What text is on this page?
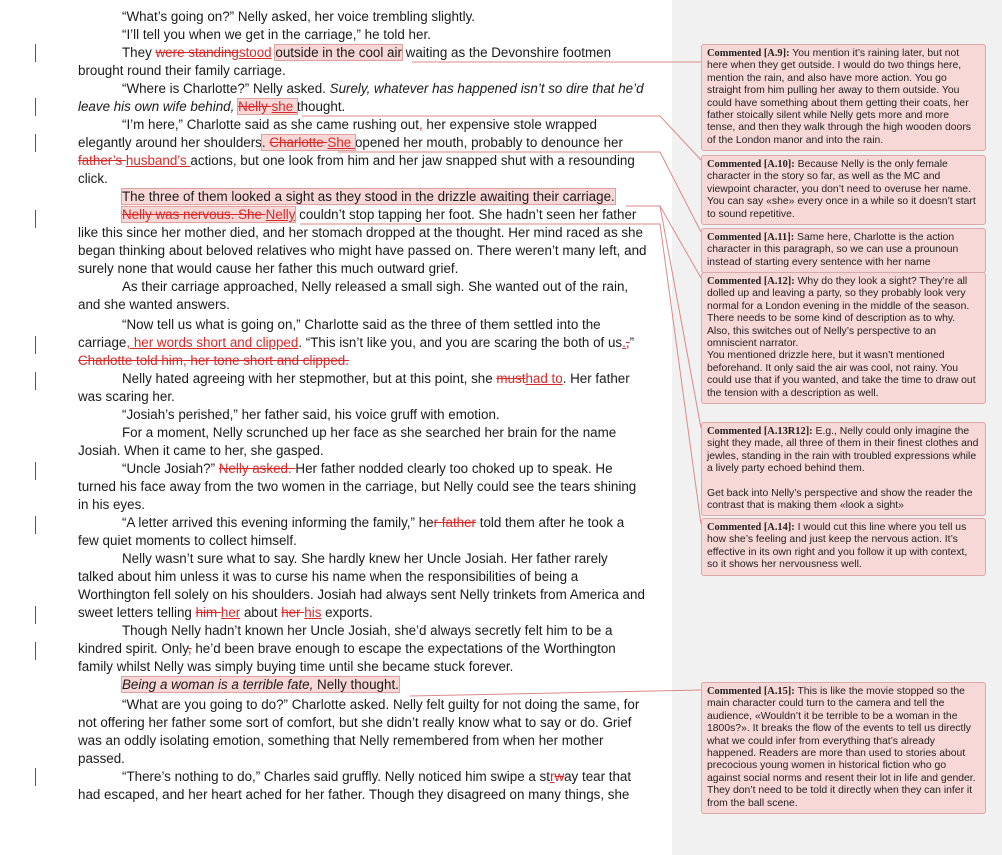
“What’s going on?” Nelly asked, her voice trembling slightly.
“I’ll tell you when we get in the carriage,” he told her.
They were standingstood outside in the cool air waiting as the Devonshire footmen
brought round their family carriage.
“Where is Charlotte?” Nelly asked. Surely, whatever has happened isn’t so dire that he’d
leave his own wife behind, Nelly she thought.
“I’m here,” Charlotte said as she came rushing out, her expensive stole wrapped
elegantly around her shoulders. Charlotte She opened her mouth, probably to denounce her
father’s husband’s actions, but one look from him and her jaw snapped shut with a resounding
click.
The three of them looked a sight as they stood in the drizzle awaiting their carriage.
Nelly was nervous. She Nelly couldn’t stop tapping her foot. She hadn’t seen her father
like this since her mother died, and her stomach dropped at the thought. Her mind raced as she
began thinking about beloved relatives who might have passed on. There weren’t many left, and
surely none that would cause her father this much outward grief.
As their carriage approached, Nelly released a small sigh. She wanted out of the rain,
and she wanted answers.
“Now tell us what is going on,” Charlotte said as the three of them settled into the
carriage, her words short and clipped. “This isn’t like you, and you are scaring the both of us.,”
Charlotte told him, her tone short and clipped.
Nelly hated agreeing with her stepmother, but at this point, she musthad to. Her father
was scaring her.
“Josiah’s perished,” her father said, his voice gruff with emotion.
For a moment, Nelly scrunched up her face as she searched her brain for the name
Josiah. When it came to her, she gasped.
“Uncle Josiah?” Nelly asked. Her father nodded clearly too choked up to speak. He
turned his face away from the two women in the carriage, but Nelly could see the tears shining
in his eyes.
“A letter arrived this evening informing the family,” her father told them after he took a
few quiet moments to collect himself.
Nelly wasn’t sure what to say. She hardly knew her Uncle Josiah. Her father rarely
talked about him unless it was to curse his name when the responsibilities of being a
Worthington fell solely on his shoulders. Josiah had always sent Nelly trinkets from America and
sweet letters telling him her about her his exports.
Though Nelly hadn’t known her Uncle Josiah, she’d always secretly felt him to be a
kindred spirit. Only, he’d been brave enough to escape the expectations of the Worthington
family whilst Nelly was simply buying time until she became stuck forever.
Being a woman is a terrible fate, Nelly thought.
“What are you going to do?” Charlotte asked. Nelly felt guilty for not doing the same, for
not offering her father some sort of comfort, but she didn’t really know what to say or do. Grief
was an oddly isolating emotion, something that Nelly remembered from when her mother
passed.
“There’s nothing to do,” Charles said gruffly. Nelly noticed him swipe a strway tear that
had escaped, and her heart ached for her father. Though they disagreed on many things, she

Commented [A.9]: You mention it’s raining later, but not here when they get outside. I would do two things here, mention the rain, and also have more action. You go straight from him pulling her away to them outside. You could have something about them getting their coats, her father stoically silent while Nelly gets more and more tense, and then they walk through the high wooden doors of the London manor and into the rain.

Commented [A.10]: Because Nelly is the only female character in the story so far, as well as the MC and viewpoint character, you don’t need to overuse her name. You can say «she» every once in a while so it doesn’t start to sound repetitive.

Commented [A.11]: Same here, Charlotte is the action character in this paragraph, so we can use a prounoun instead of starting every sentence with her name

Commented [A.12]: Why do they look a sight? They’re all dolled up and leaving a party, so they probably look very normal for a London evening in the middle of the season. There needs to be some kind of description as to why.

Also, this switches out of Nelly’s perspective to an omniscient narrator.

You mentioned drizzle here, but it wasn’t mentioned beforehand. It only said the air was cool, not rainy. You could use that if you wanted, and take the time to draw out the tension with a description as well.

Commented [A.13R12]: E.g., Nelly could only imagine the sight they made, all three of them in their finest clothes and jewles, standing in the rain with troubled expressions while a lively party echoed behind them.

Get back into Nelly’s perspective and show the reader the contrast that is making them «look a sight»

Commented [A.14]: I would cut this line where you tell us how she’s feeling and just keep the nervous action. It’s effective in its own right and you follow it up with context, so it shows her nervousness well.

Commented [A.15]: This is like the movie stopped so the main character could turn to the camera and tell the audience, «Wouldn’t it be terrible to be a woman in the 1800s?». It breaks the flow of the events to tell us directly what we could infer from everything that’s already happened. Readers are more than used to stories about precocious young women in historical fiction who go against social norms and resent their lot in life and gender. They don’t need to be told it directly when they can infer it from the ball scene.
